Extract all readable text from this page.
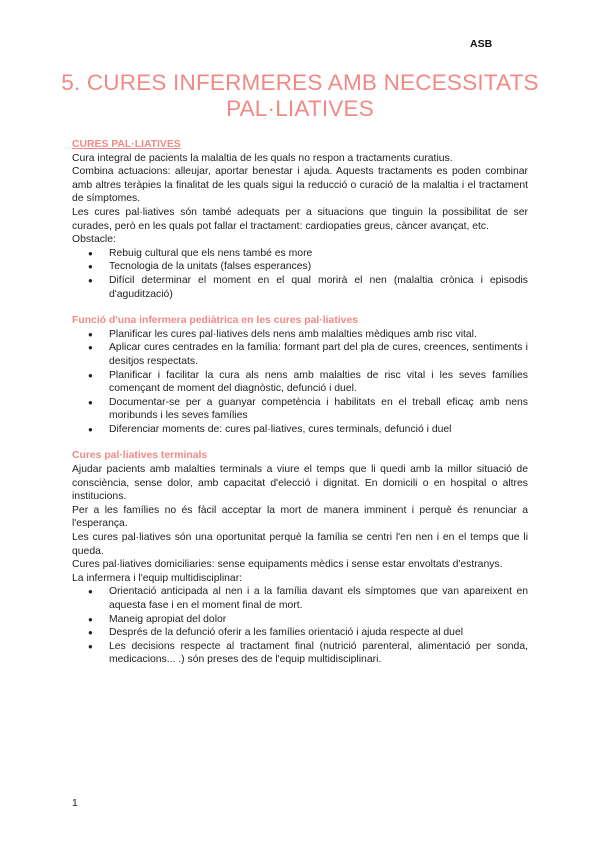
ASB
5. CURES INFERMERES AMB NECESSITATS PAL·LIATIVES

CURES PAL·LIATIVES

Cura integral de pacients la malaltia de les quals no respon a tractaments curatius.

Combina actuacions: alleujar, aportar benestar i ajuda. Aquests tractaments es poden combinar amb altres teràpies la finalitat de les quals sigui la reducció o curació de la malaltia i el tractament de símptomes.

Les cures pal·liatives són també adequats per a situacions que tinguin la possibilitat de ser curades, però en les quals pot fallar el tractament: cardiopaties greus, càncer avançat, etc.

Obstacle:

● Rebuig cultural que els nens també es more
● Tecnologia de la unitats (falses esperances)
● Difícil determinar el moment en el qual morirà el nen (malaltia crònica i episodis d'agudització)

Funció d'una infermera pediàtrica en les cures pal·liatives

● Planificar les cures pal·liatives dels nens amb malalties mèdiques amb risc vital.
● Aplicar cures centrades en la família: formant part del pla de cures, creences, sentiments i desitjos respectats.
● Planificar i facilitar la cura als nens amb malalties de risc vital i les seves famílies començant de moment del diagnòstic, defunció i duel.
● Documentar-se per a guanyar competència i habilitats en el treball eficaç amb nens moribunds i les seves famílies
● Diferenciar moments de: cures pal·liatives, cures terminals, defunció i duel

Cures pal·liatives terminals

Ajudar pacients amb malalties terminals a viure el temps que li quedi amb la millor situació de consciència, sense dolor, amb capacitat d'elecció i dignitat. En domicili o en hospital o altres institucions.

Per a les famílies no és fàcil acceptar la mort de manera imminent i perquè és renunciar a l'esperança.

Les cures pal·liatives són una oportunitat perquè la família se centri l'en nen i en el temps que li queda.

Cures pal·liatives domiciliaries: sense equipaments mèdics i sense estar envoltats d'estranys.

La infermera i l'equip multidisciplinar:

● Orientació anticipada al nen i a la família davant els símptomes que van apareixent en aquesta fase i en el moment final de mort.
● Maneig apropiat del dolor
● Després de la defunció oferir a les famílies orientació i ajuda respecte al duel
● Les decisions respecte al tractament final (nutrició parenteral, alimentació per sonda, medicacions... .) són preses des de l'equip multidisciplinari.
1
